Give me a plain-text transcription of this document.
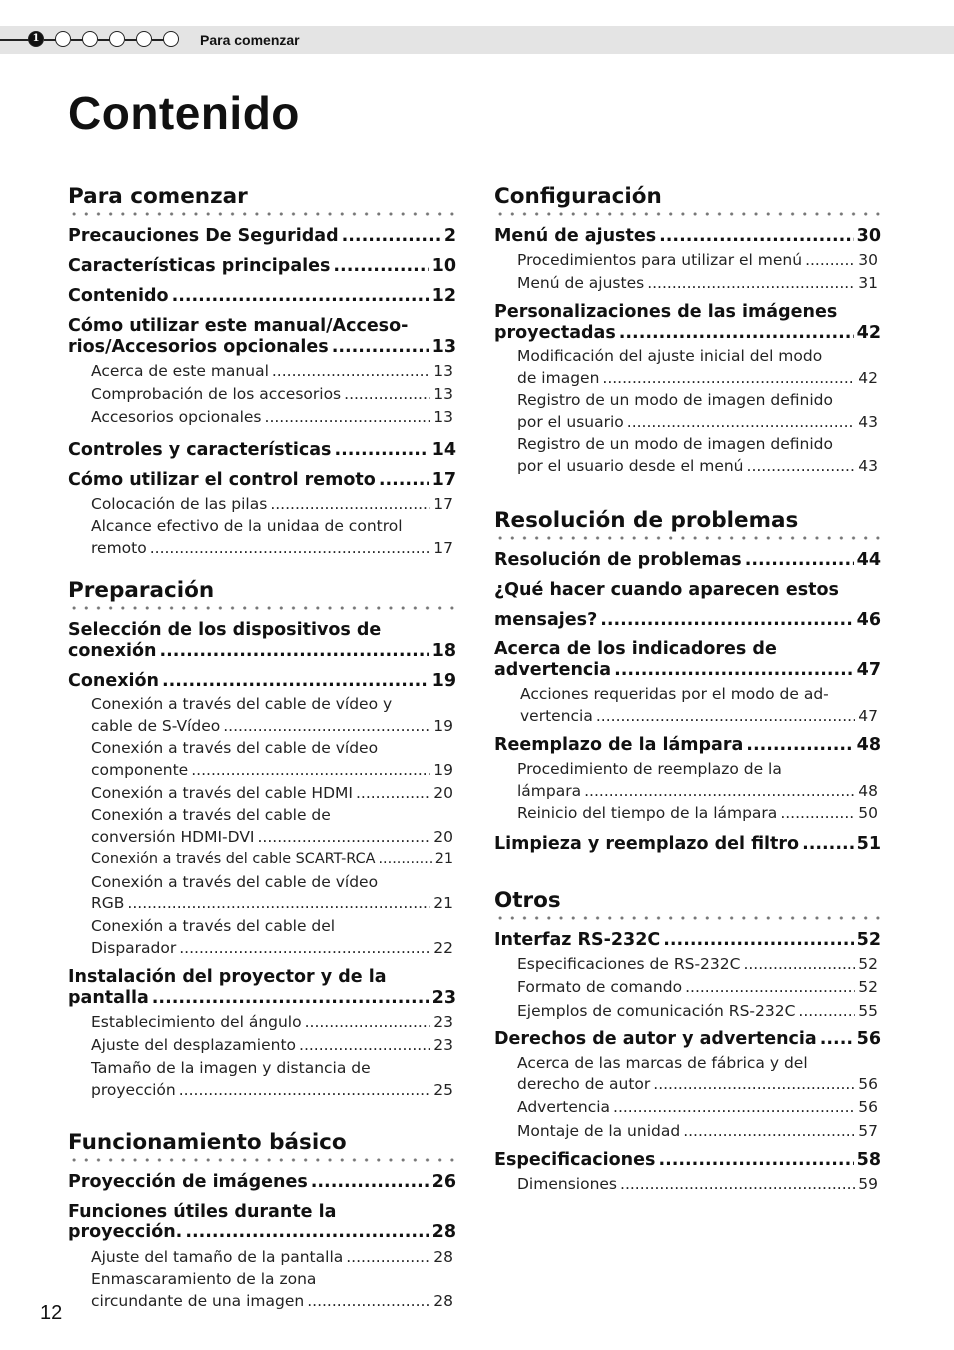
1	Para comenzar
Contenido
Para comenzar
Precauciones De Seguridad .....	2
Características principales .....	10
Contenido .....	12
Cómo utilizar este manual/Acceso-
rios/Accesorios opcionales .....	13
Acerca de este manual .....	13
Comprobación de los accesorios .....	13
Accesorios opcionales .....	13
Controles y características .....	14
Cómo utilizar el control remoto .....	17
Colocación de las pilas .....	17
Alcance efectivo de la unidaa de control
remoto .....	17
Preparación
Selección de los dispositivos de
conexión .....	18
Conexión .....	19
Conexión a través del cable de vídeo y
cable de S-Vídeo .....	19
Conexión a través del cable de vídeo
componente .....	19
Conexión a través del cable HDMI .....	20
Conexión a través del cable de
conversión HDMI-DVI .....	20
Conexión a través del cable SCART-RCA .....	21
Conexión a través del cable de vídeo
RGB .....	21
Conexión a través del cable del
Disparador .....	22
Instalación del proyector y de la
pantalla .....	23
Establecimiento del ángulo .....	23
Ajuste del desplazamiento .....	23
Tamaño de la imagen y distancia de
proyección .....	25
Funcionamiento básico
Proyección de imágenes .....	26
Funciones útiles durante la
proyección. .....	28
Ajuste del tamaño de la pantalla .....	28
Enmascaramiento de la zona
circundante de una imagen .....	28
Configuración
Menú de ajustes .....	30
Procedimientos para utilizar el menú .....	30
Menú de ajustes .....	31
Personalizaciones de las imágenes
proyectadas .....	42
Modificación del ajuste inicial del modo
de imagen .....	42
Registro de un modo de imagen definido
por el usuario .....	43
Registro de un modo de imagen definido
por el usuario desde el menú .....	43
Resolución de problemas
Resolución de problemas .....	44
¿Qué hacer cuando aparecen estos
mensajes? .....	46
Acerca de los indicadores de
advertencia .....	47
Acciones requeridas por el modo de ad-
vertencia .....	47
Reemplazo de la lámpara .....	48
Procedimiento de reemplazo de la
lámpara .....	48
Reinicio del tiempo de la lámpara .....	50
Limpieza y reemplazo del filtro .....	51
Otros
Interfaz RS-232C .....	52
Especificaciones de RS-232C .....	52
Formato de comando .....	52
Ejemplos de comunicación RS-232C .....	55
Derechos de autor y advertencia ..... 56
Acerca de las marcas de fábrica y del
derecho de autor .....	56
Advertencia .....	56
Montaje de la unidad .....	57
Especificaciones .....	58
Dimensiones .....	59
12
